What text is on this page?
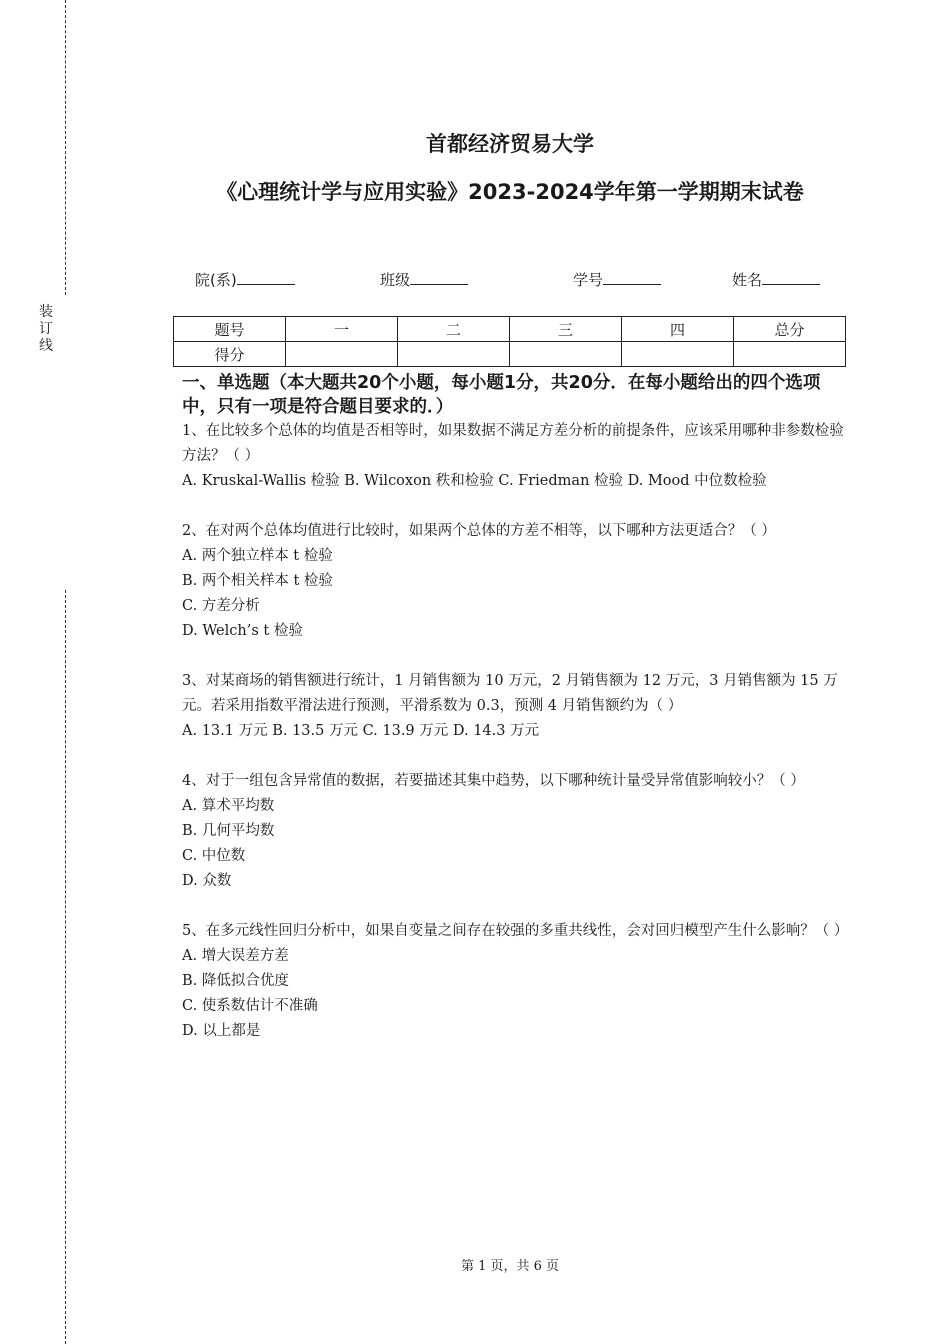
装
订
线
首都经济贸易大学
《心理统计学与应用实验》2023-2024学年第一学期期末试卷
院(系)	班级	学号	姓名
题号	一	二	三	四	总分
得分					
一、单选题（本大题共20个小题，每小题1分，共20分．在每小题给出的四个选项中，只有一项是符合题目要求的．）
1、在比较多个总体的均值是否相等时，如果数据不满足方差分析的前提条件，应该采用哪种非参数检验方法？（ ）
A. Kruskal-Wallis 检验 B. Wilcoxon 秩和检验 C. Friedman 检验 D. Mood 中位数检验
2、在对两个总体均值进行比较时，如果两个总体的方差不相等，以下哪种方法更适合？（ ）
A. 两个独立样本 t 检验
B. 两个相关样本 t 检验
C. 方差分析
D. Welch’s t 检验
3、对某商场的销售额进行统计，1 月销售额为 10 万元，2 月销售额为 12 万元，3 月销售额为 15 万元。若采用指数平滑法进行预测，平滑系数为 0.3，预测 4 月销售额约为（ ）
A. 13.1 万元 B. 13.5 万元 C. 13.9 万元 D. 14.3 万元
4、对于一组包含异常值的数据，若要描述其集中趋势，以下哪种统计量受异常值影响较小？（ ）
A. 算术平均数
B. 几何平均数
C. 中位数
D. 众数
5、在多元线性回归分析中，如果自变量之间存在较强的多重共线性，会对回归模型产生什么影响？（ ）
A. 增大误差方差
B. 降低拟合优度
C. 使系数估计不准确
D. 以上都是
第 1 页，共 6 页
